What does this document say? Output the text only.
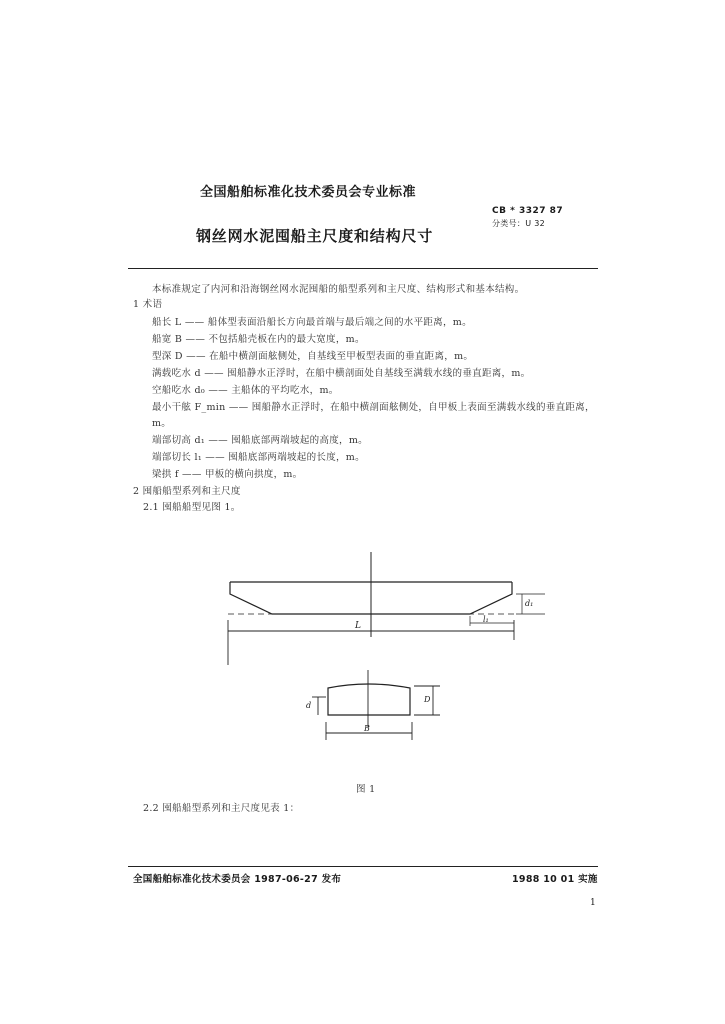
全国船舶标准化技术委员会专业标准
CB * 3327 87
分类号：U 32
钢丝网水泥囤船主尺度和结构尺寸
本标准规定了内河和沿海钢丝网水泥囤船的船型系列和主尺度、结构形式和基本结构。
1 术语
船长 L —— 船体型表面沿船长方向最首端与最后端之间的水平距离，m。
船宽 B —— 不包括船壳板在内的最大宽度，m。
型深 D —— 在船中横剖面舷侧处，自基线至甲板型表面的垂直距离，m。
满载吃水 d —— 囤船静水正浮时，在船中横剖面处自基线至满载水线的垂直距离，m。
空船吃水 d₀ —— 主船体的平均吃水，m。
最小干舷 F_min —— 囤船静水正浮时，在船中横剖面舷侧处，自甲板上表面至满载水线的垂直距离，
m。
端部切高 d₁ —— 囤船底部两端坡起的高度，m。
端部切长 l₁ —— 囤船底部两端坡起的长度，m。
梁拱 f —— 甲板的横向拱度，m。
2 囤船船型系列和主尺度
2.1 囤船船型见图 1。
L
l₁
d₁
B
D
d
图 1
2.2 囤船船型系列和主尺度见表 1：
全国船舶标准化技术委员会 1987-06-27 发布	1988 10 01 实施
1
